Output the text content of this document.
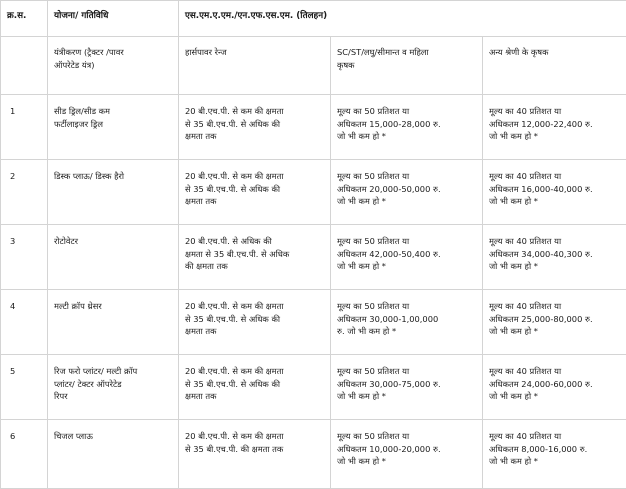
क्र.स.	योजना/ गतिविधि	एस.एम.ए.एम./एन.एफ.एस.एम. (तिलहन)		
	यंत्रीकरण (ट्रैक्टर /पावर
ऑपरेटेड यंत्र)	हार्सपावर रेन्ज	SC/ST/लघु/सीमान्त व महिला
कृषक	अन्य श्रेणी के कृषक
1	सीड ड्रिल/सीड कम
फर्टीलाइजर ड्रिल	20 बी.एच.पी. से कम की क्षमता
से 35 बी.एच.पी. से अधिक की
क्षमता तक	मूल्य का 50 प्रतिशत या
अधिकतम 15,000-28,000 रु.
जो भी कम हो *	मूल्य का 40 प्रतिशत या
अधिकतम 12,000-22,400 रु.
जो भी कम हो *
2	डिस्क प्लाऊ/ डिस्क हैरो	20 बी.एच.पी. से कम की क्षमता
से 35 बी.एच.पी. से अधिक की
क्षमता तक	मूल्य का 50 प्रतिशत या
अधिकतम 20,000-50,000 रु.
जो भी कम हो *	मूल्य का 40 प्रतिशत या
अधिकतम 16,000-40,000 रु.
जो भी कम हो *
3	रोटोवेटर	20 बी.एच.पी. से अधिक की
क्षमता से 35 बी.एच.पी. से अधिक
की क्षमता तक	मूल्य का 50 प्रतिशत या
अधिकतम 42,000-50,400 रु.
जो भी कम हो *	मूल्य का 40 प्रतिशत या
अधिकतम 34,000-40,300 रु.
जो भी कम हो *
4	मल्टी क्रॉप थ्रेसर	20 बी.एच.पी. से कम की क्षमता
से 35 बी.एच.पी. से अधिक की
क्षमता तक	मूल्य का 50 प्रतिशत या
अधिकतम 30,000-1,00,000
रु. जो भी कम हो *	मूल्य का 40 प्रतिशत या
अधिकतम 25,000-80,000 रु.
जो भी कम हो *
5	रिज फरो प्लांटर/ मल्टी क्रॉप
प्लांटर/ टेक्टर ऑपरेटेड
रिपर	20 बी.एच.पी. से कम की क्षमता
से 35 बी.एच.पी. से अधिक की
क्षमता तक	मूल्य का 50 प्रतिशत या
अधिकतम 30,000-75,000 रु.
जो भी कम हो *	मूल्य का 40 प्रतिशत या
अधिकतम 24,000-60,000 रु.
जो भी कम हो *
6	चिजल प्लाऊ	20 बी.एच.पी. से कम की क्षमता
से 35 बी.एच.पी. की क्षमता तक	मूल्य का 50 प्रतिशत या
अधिकतम 10,000-20,000 रु.
जो भी कम हो *	मूल्य का 40 प्रतिशत या
अधिकतम 8,000-16,000 रु.
जो भी कम हो *
